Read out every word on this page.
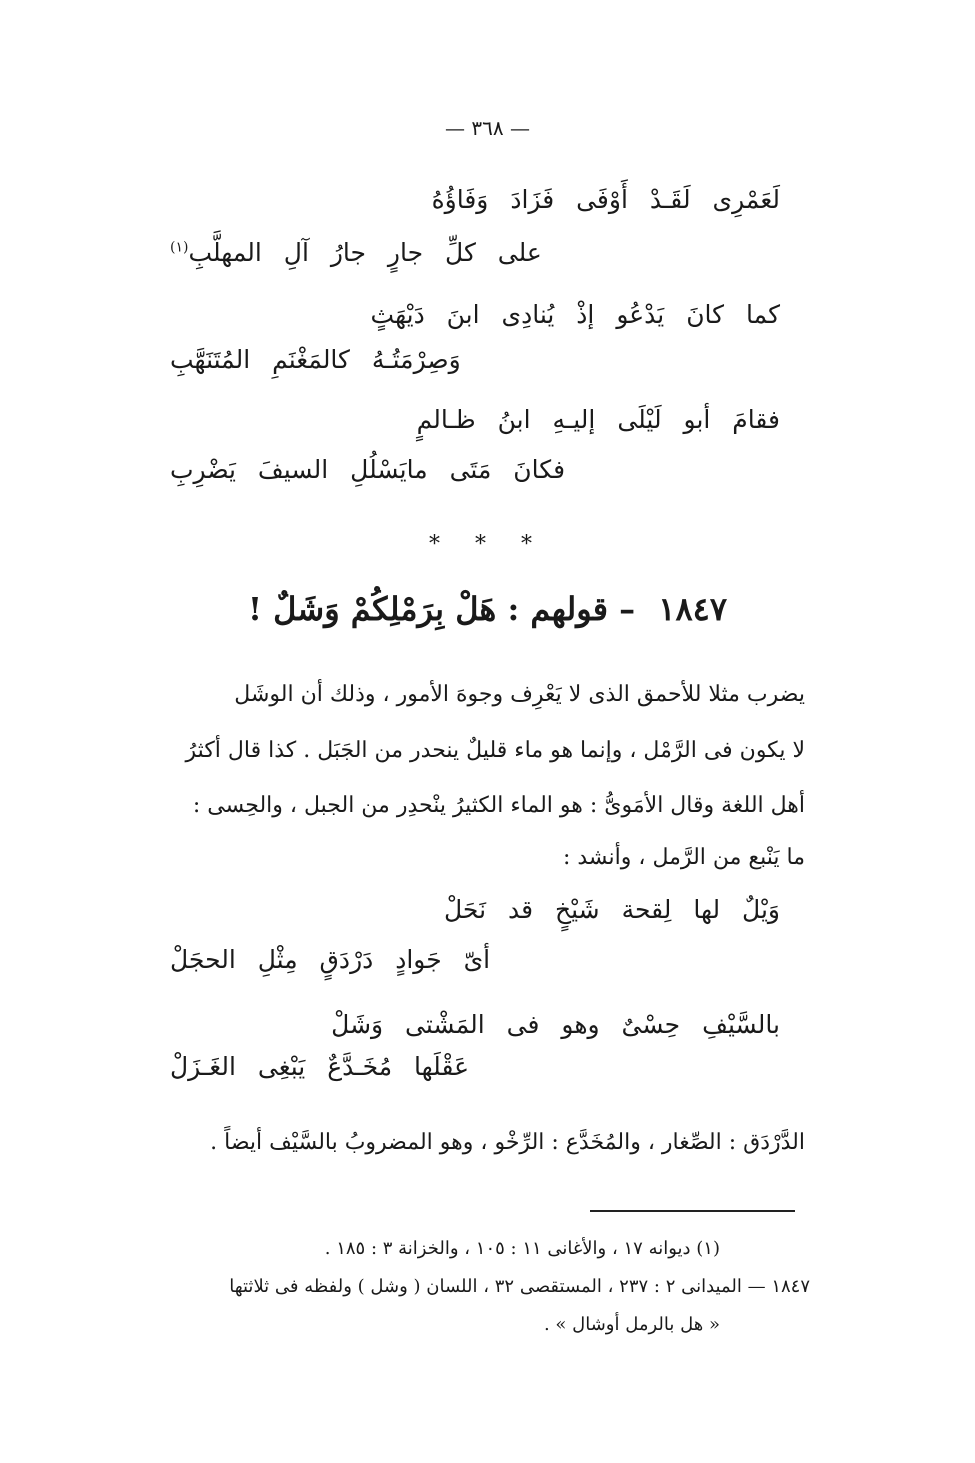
— ٣٦٨ —
لَعَمْرِى لَقَـدْ أَوْفَى فَزَادَ وَفَاؤُهُ
على كلِّ جارٍ جارُ آلِ المهلَّبِ$^{(١)}$
كما كانَ يَدْعُو إذْ يُنادِى ابنَ دَيْهَثٍ
وَصِرْمَتُـهُ كالمَغْنَمِ المُتَنَهَّبِ
فقامَ أبو لَيْلَى إليـهِ ابنُ ظـالمٍ
فكانَ مَتَى مايَسْلُلِ السيفَ يَضْرِبِ
* * *
١٨٤٧ – قولهم : هَلْ بِرَمْلِكُمْ وَشَلٌ !
يضرب مثلا للأحمق الذى لا يَعْرِف وجوهَ الأمور ، وذلك أن الوشَل
لا يكون فى الرَّمْل ، وإنما هو ماء قليلٌ ينحدر من الجَبَل . كذا قال أكثرُ
أهل اللغة وقال الأمَوىُّ : هو الماء الكثيرُ ينْحدِر من الجبل ، والحِسى :
ما يَنْبع من الرَّمل ، وأنشد :
وَيْلٌ لها لِقحة شَيْخٍ قد نَحَلْ
أىّ جَوادٍ دَرْدَقٍ مِثْلِ الحجَلْ
بالسَّيْفِ حِسْىٌ وهو فى المَشْتى وَشَلْ
عَقْلَها مُخَـدَّعٌ يَبْغِى الغَـزَلْ
الدَّرْدَق : الصِّغار ، والمُخَدَّع : الرِّخْو ، وهو المضروبُ بالسَّيْف أيضاً .
(١) ديوانه ١٧ ، والأغانى ١١ : ١٠٥ ، والخزانة ٣ : ١٨٥ .
١٨٤٧ — الميدانى ٢ : ٢٣٧ ، المستقصى ٣٢ ، اللسان ( وشل ) ولفظه فى ثلاثتها
« هل بالرمل أوشال » .
